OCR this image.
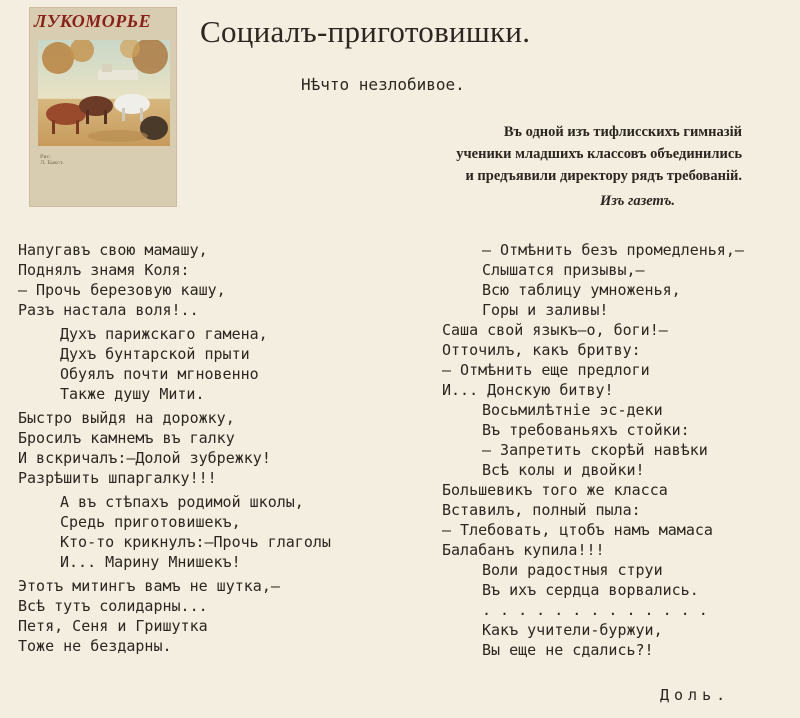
ЛУКОМОРЬЕ
Рис.
Л. Бакст.
Социалъ-приготовишки.
Нѣчто незлобивое.
Въ одной изъ тифлисскихъ гимназій
ученики младшихъ классовъ объединились
и предъявили директору рядъ требованій.
Изъ газетъ.
Напугавъ свою мамашу,
Поднялъ знамя Коля:
— Прочь березовую кашу,
Разъ настала воля!..
Духъ парижскаго гамена,
Духъ бунтарской прыти
Обуялъ почти мгновенно
Также душу Мити.
Быстро выйдя на дорожку,
Бросилъ камнемъ въ галку
И вскричалъ:—Долой зубрежку!
Разрѣшить шпаргалку!!!
А въ стѣпахъ родимой школы,
Средь приготовишекъ,
Кто-то крикнулъ:—Прочь глаголы
И... Марину Мнишекъ!
Этотъ митингъ вамъ не шутка,—
Всѣ тутъ солидарны...
Петя, Сеня и Гришутка
Тоже не бездарны.
— Отмѣнить безъ промедленья,—
Слышатся призывы,—
Всю таблицу умноженья,
Горы и заливы!
Саша свой языкъ—о, боги!—
Отточилъ, какъ бритву:
— Отмѣнить еще предлоги
И... Донскую битву!
Восьмилѣтніе эс-деки
Въ требованьяхъ стойки:
— Запретить скорѣй навѣки
Всѣ колы и двойки!
Большевикъ того же класса
Вставилъ, полный пыла:
— Тлебовать, цтобъ намъ мамаса
Балабанъ купила!!!
Воли радостныя струи
Въ ихъ сердца ворвались.
. . . . . . . . . . . . .
Какъ учители-буржуи,
Вы еще не сдались?!
Доль.
